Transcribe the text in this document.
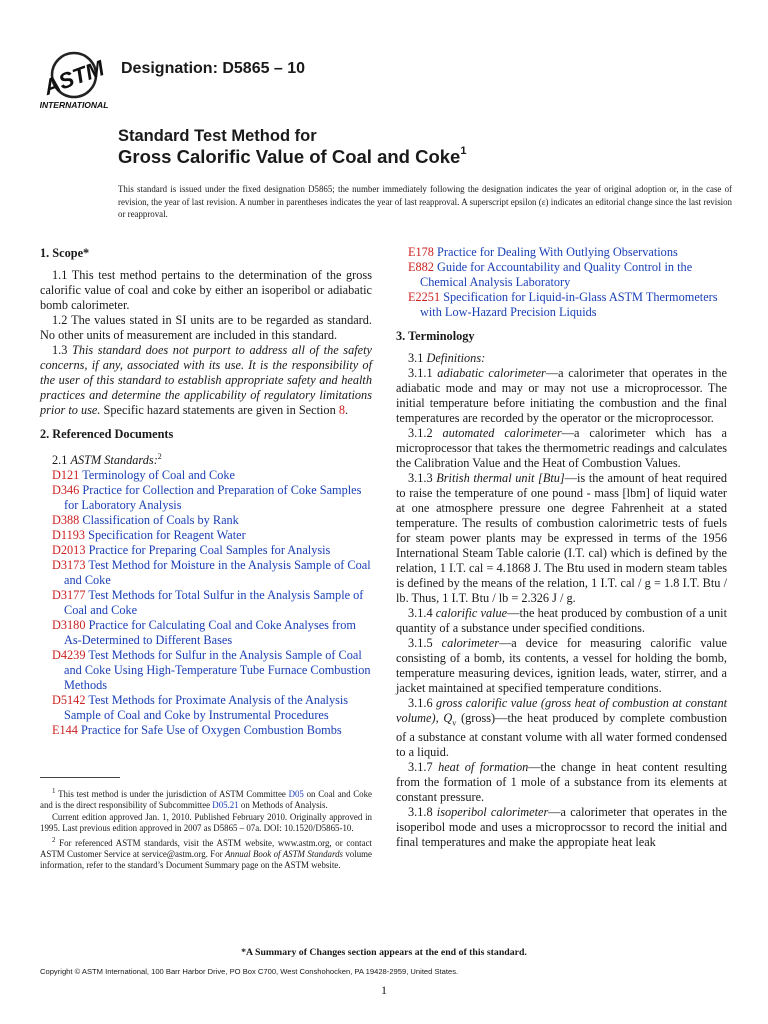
ASTM
INTERNATIONAL
Designation: D5865 – 10
Standard Test Method for
Gross Calorific Value of Coal and Coke$^1$
This standard is issued under the fixed designation D5865; the number immediately following the designation indicates the year of original adoption or, in the case of revision, the year of last revision. A number in parentheses indicates the year of last reapproval. A superscript epsilon (ε) indicates an editorial change since the last revision or reapproval.

1. Scope*

1.1 This test method pertains to the determination of the gross calorific value of coal and coke by either an isoperibol or adiabatic bomb calorimeter.

1.2 The values stated in SI units are to be regarded as standard. No other units of measurement are included in this standard.

1.3 This standard does not purport to address all of the safety concerns, if any, associated with its use. It is the responsibility of the user of this standard to establish appropriate safety and health practices and determine the applicability of regulatory limitations prior to use. Specific hazard statements are given in Section 8.

2. Referenced Documents

2.1 ASTM Standards:$^2$

D121 Terminology of Coal and Coke

D346 Practice for Collection and Preparation of Coke Samples for Laboratory Analysis

D388 Classification of Coals by Rank

D1193 Specification for Reagent Water

D2013 Practice for Preparing Coal Samples for Analysis

D3173 Test Method for Moisture in the Analysis Sample of Coal and Coke

D3177 Test Methods for Total Sulfur in the Analysis Sample of Coal and Coke

D3180 Practice for Calculating Coal and Coke Analyses from As-Determined to Different Bases

D4239 Test Methods for Sulfur in the Analysis Sample of Coal and Coke Using High-Temperature Tube Furnace Combustion Methods

D5142 Test Methods for Proximate Analysis of the Analysis Sample of Coal and Coke by Instrumental Procedures

E144 Practice for Safe Use of Oxygen Combustion Bombs

E178 Practice for Dealing With Outlying Observations

E882 Guide for Accountability and Quality Control in the Chemical Analysis Laboratory

E2251 Specification for Liquid-in-Glass ASTM Thermometers with Low-Hazard Precision Liquids

3. Terminology

3.1 Definitions:

3.1.1 adiabatic calorimeter—a calorimeter that operates in the adiabatic mode and may or may not use a microprocessor. The initial temperature before initiating the combustion and the final temperatures are recorded by the operator or the microprocessor.

3.1.2 automated calorimeter—a calorimeter which has a microprocessor that takes the thermometric readings and calculates the Calibration Value and the Heat of Combustion Values.

3.1.3 British thermal unit [Btu]—is the amount of heat required to raise the temperature of one pound - mass [lbm] of liquid water at one atmosphere pressure one degree Fahrenheit at a stated temperature. The results of combustion calorimetric tests of fuels for steam power plants may be expressed in terms of the 1956 International Steam Table calorie (I.T. cal) which is defined by the relation, 1 I.T. cal = 4.1868 J. The Btu used in modern steam tables is defined by the means of the relation, 1 I.T. cal / g = 1.8 I.T. Btu / lb. Thus, 1 I.T. Btu / lb = 2.326 J / g.

3.1.4 calorific value—the heat produced by combustion of a unit quantity of a substance under specified conditions.

3.1.5 calorimeter—a device for measuring calorific value consisting of a bomb, its contents, a vessel for holding the bomb, temperature measuring devices, ignition leads, water, stirrer, and a jacket maintained at specified temperature conditions.

3.1.6 gross calorific value (gross heat of combustion at constant volume), $Q_v$ (gross)—the heat produced by complete combustion of a substance at constant volume with all water formed condensed to a liquid.

3.1.7 heat of formation—the change in heat content resulting from the formation of 1 mole of a substance from its elements at constant pressure.

3.1.8 isoperibol calorimeter—a calorimeter that operates in the isoperibol mode and uses a microprocssor to record the initial and final temperatures and make the appropiate heat leak

$^1$ This test method is under the jurisdiction of ASTM Committee D05 on Coal and Coke and is the direct responsibility of Subcommittee D05.21 on Methods of Analysis.

Current edition approved Jan. 1, 2010. Published February 2010. Originally approved in 1995. Last previous edition approved in 2007 as D5865 – 07a. DOI: 10.1520/D5865-10.

$^2$ For referenced ASTM standards, visit the ASTM website, www.astm.org, or contact ASTM Customer Service at service@astm.org. For Annual Book of ASTM Standards volume information, refer to the standard’s Document Summary page on the ASTM website.

*A Summary of Changes section appears at the end of this standard.
Copyright © ASTM International, 100 Barr Harbor Drive, PO Box C700, West Conshohocken, PA 19428-2959, United States.
1
